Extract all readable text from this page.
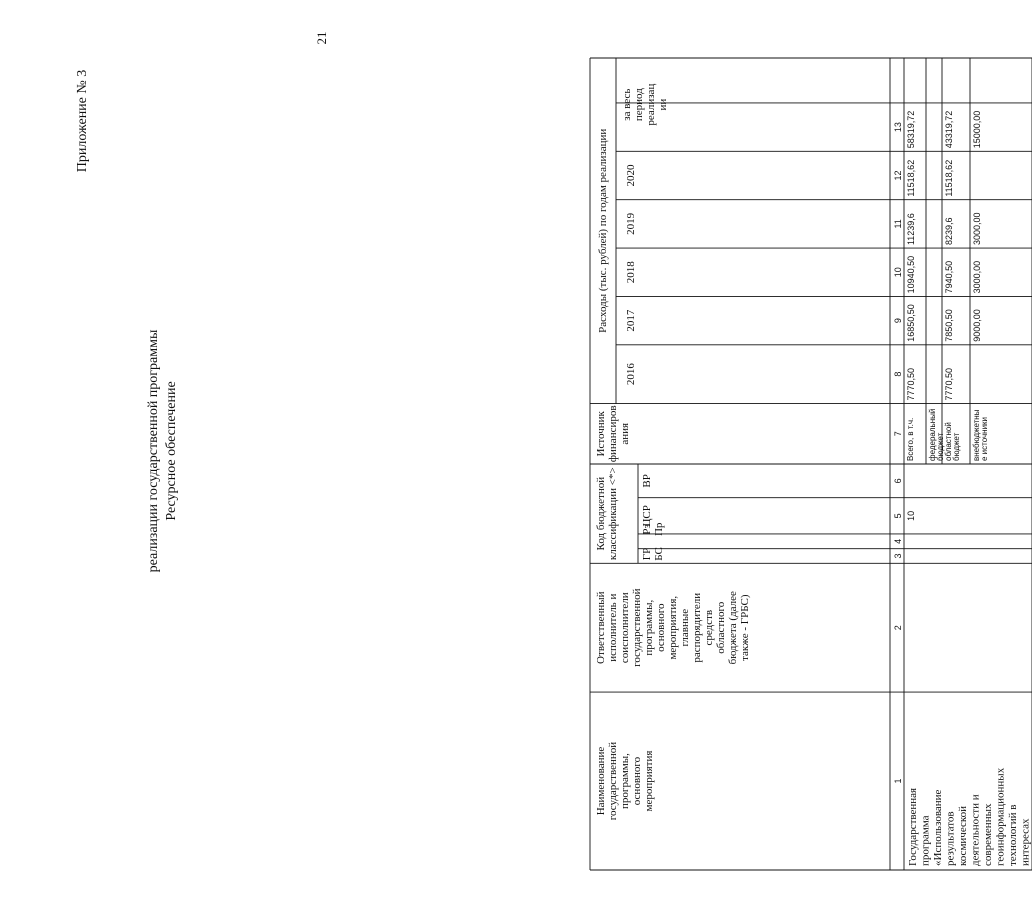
21
Приложение № 3
Ресурсное обеспечение
реализации государственной программы
Наименование государственной программы, основного мероприятия
Ответственный исполнитель и соисполнители государственной программы, основного мероприятия, главные распорядители средств областного бюджета (далее также - ГРБС)
Код бюджетной классификации <*> ГР БС
Рз Пр
ЦСР
ВР
Источник финансиров ания
Расходы (тыс. рублей) по годам реализации
2016
2017
2018
2019
2020
за весь период реализац ии
1
2
3
4
5
6
7
8
9
10
11
12
13
Государственная программа «Использование результатов космической деятельности и современных геоинформационных технологий в интересах
10
Всего, в т.ч.
7770,50
16850,50
10940,50
11239,6
11518,62
58319,72
федеральный бюджет областной бюджет
7770,50
7850,50
7940,50
8239,6
11518,62
43319,72
внебюджетны е источники
9000,00
3000,00
3000,00
15000,00
